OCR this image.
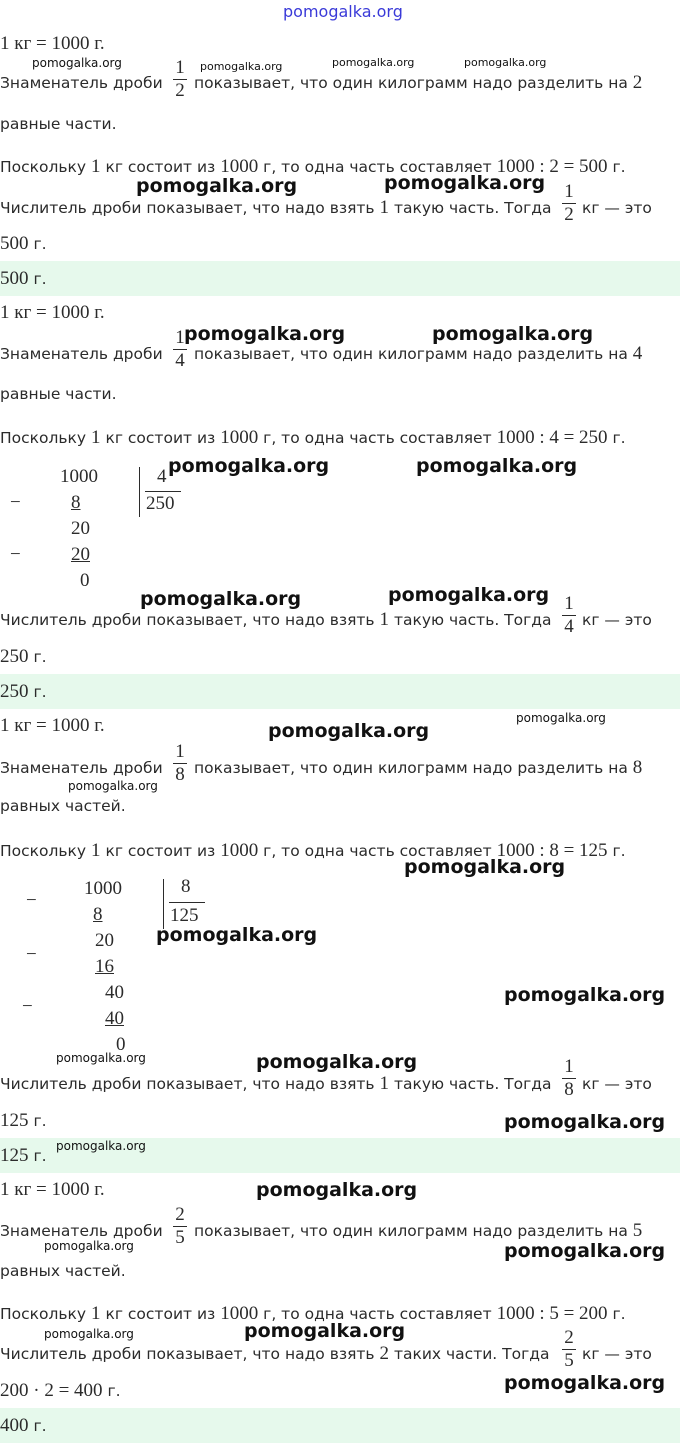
pomogalka.org
1 кг = 1000 г.
Знаменатель дроби
1
2 показывает, что один килограмм надо разделить на 2
равные части.
Поскольку 1 кг состоит из 1000 г, то одна часть составляет 1000 : 2 = 500 г.
Числитель дроби показывает, что надо взять 1 такую часть. Тогда
1
2 кг — это
500 г.
500 г.
1 кг = 1000 г.
Знаменатель дроби
1
4 показывает, что один килограмм надо разделить на 4
равные части.
Поскольку 1 кг состоит из 1000 г, то одна часть составляет 1000 : 4 = 250 г.
1000
−	8
20
−	20
0
4
250
Числитель дроби показывает, что надо взять 1 такую часть. Тогда
1
4 кг — это
250 г.
250 г.
1 кг = 1000 г.
Знаменатель дроби
1
8 показывает, что один килограмм надо разделить на 8
равных частей.
Поскольку 1 кг состоит из 1000 г, то одна часть составляет 1000 : 8 = 125 г.
1000
−
8
20
−
16
40
−
40
0
8
125
Числитель дроби показывает, что надо взять 1 такую часть. Тогда
1
8 кг — это
125 г.
125 г.
1 кг = 1000 г.
Знаменатель дроби
2
5 показывает, что один килограмм надо разделить на 5
равных частей.
Поскольку 1 кг состоит из 1000 г, то одна часть составляет 1000 : 5 = 200 г.
Числитель дроби показывает, что надо взять 2 таких части. Тогда
2
5 кг — это
200 · 2 = 400 г.
400 г.
pomogalka.org	pomogalka.org	pomogalka.org	pomogalka.org
pomogalka.org	pomogalka.org
pomogalka.org	pomogalka.org
pomogalka.org	pomogalka.org
pomogalka.org	pomogalka.org
pomogalka.org
pomogalka.org
pomogalka.org
pomogalka.org
pomogalka.org
pomogalka.org
pomogalka.org	pomogalka.org
pomogalka.org
pomogalka.org
pomogalka.org
pomogalka.org	pomogalka.org
pomogalka.org	pomogalka.org
pomogalka.org
